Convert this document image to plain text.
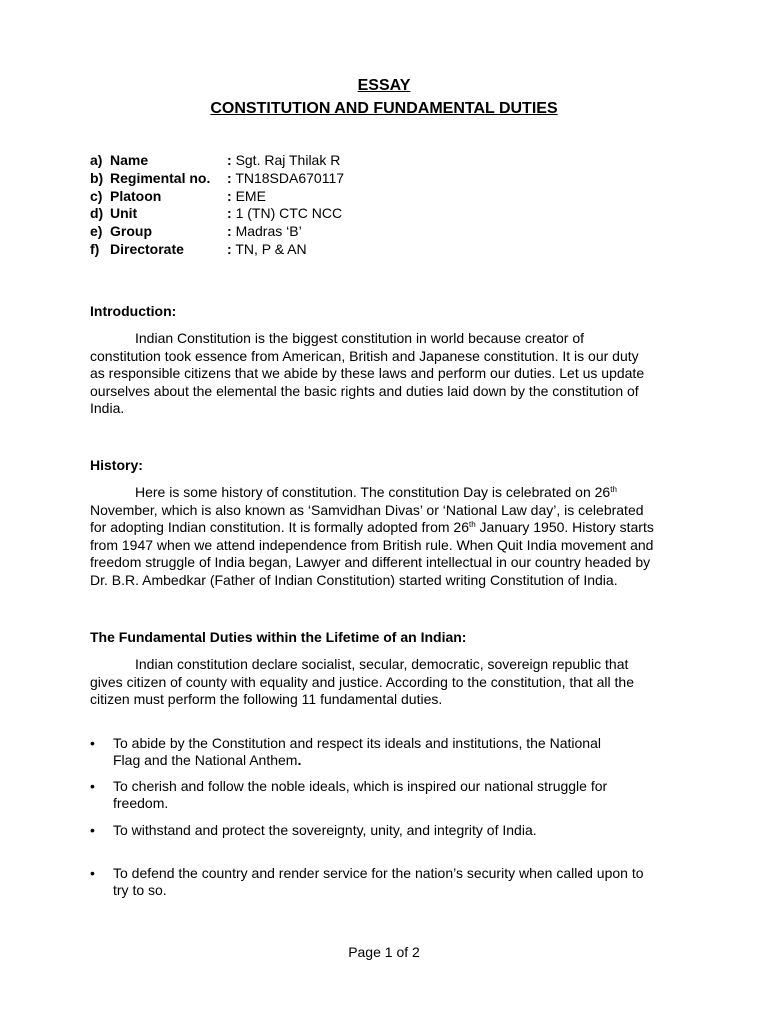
ESSAY
CONSTITUTION AND FUNDAMENTAL DUTIES
a) Name	: Sgt. Raj Thilak R
b) Regimental no. : TN18SDA670117
c) Platoon	: EME
d) Unit	: 1 (TN) CTC NCC
e) Group	: Madras ‘B’
f) Directorate	: TN, P & AN
Introduction:

Indian Constitution is the biggest constitution in world because creator of
constitution took essence from American, British and Japanese constitution. It is our duty
as responsible citizens that we abide by these laws and perform our duties. Let us update
ourselves about the elemental the basic rights and duties laid down by the constitution of
India.

History:

Here is some history of constitution. The constitution Day is celebrated on 26th
November, which is also known as ‘Samvidhan Divas’ or ‘National Law day’, is celebrated
for adopting Indian constitution. It is formally adopted from 26th January 1950. History starts
from 1947 when we attend independence from British rule. When Quit India movement and
freedom struggle of India began, Lawyer and different intellectual in our country headed by
Dr. B.R. Ambedkar (Father of Indian Constitution) started writing Constitution of India.

The Fundamental Duties within the Lifetime of an Indian:

Indian constitution declare socialist, secular, democratic, sovereign republic that
gives citizen of county with equality and justice. According to the constitution, that all the
citizen must perform the following 11 fundamental duties.

•	To abide by the Constitution and respect its ideals and institutions, the National
Flag and the National Anthem.
•	To cherish and follow the noble ideals, which is inspired our national struggle for
freedom.
•	To withstand and protect the sovereignty, unity, and integrity of India.
•	To defend the country and render service for the nation’s security when called upon to
try to so.

Page 1 of 2
